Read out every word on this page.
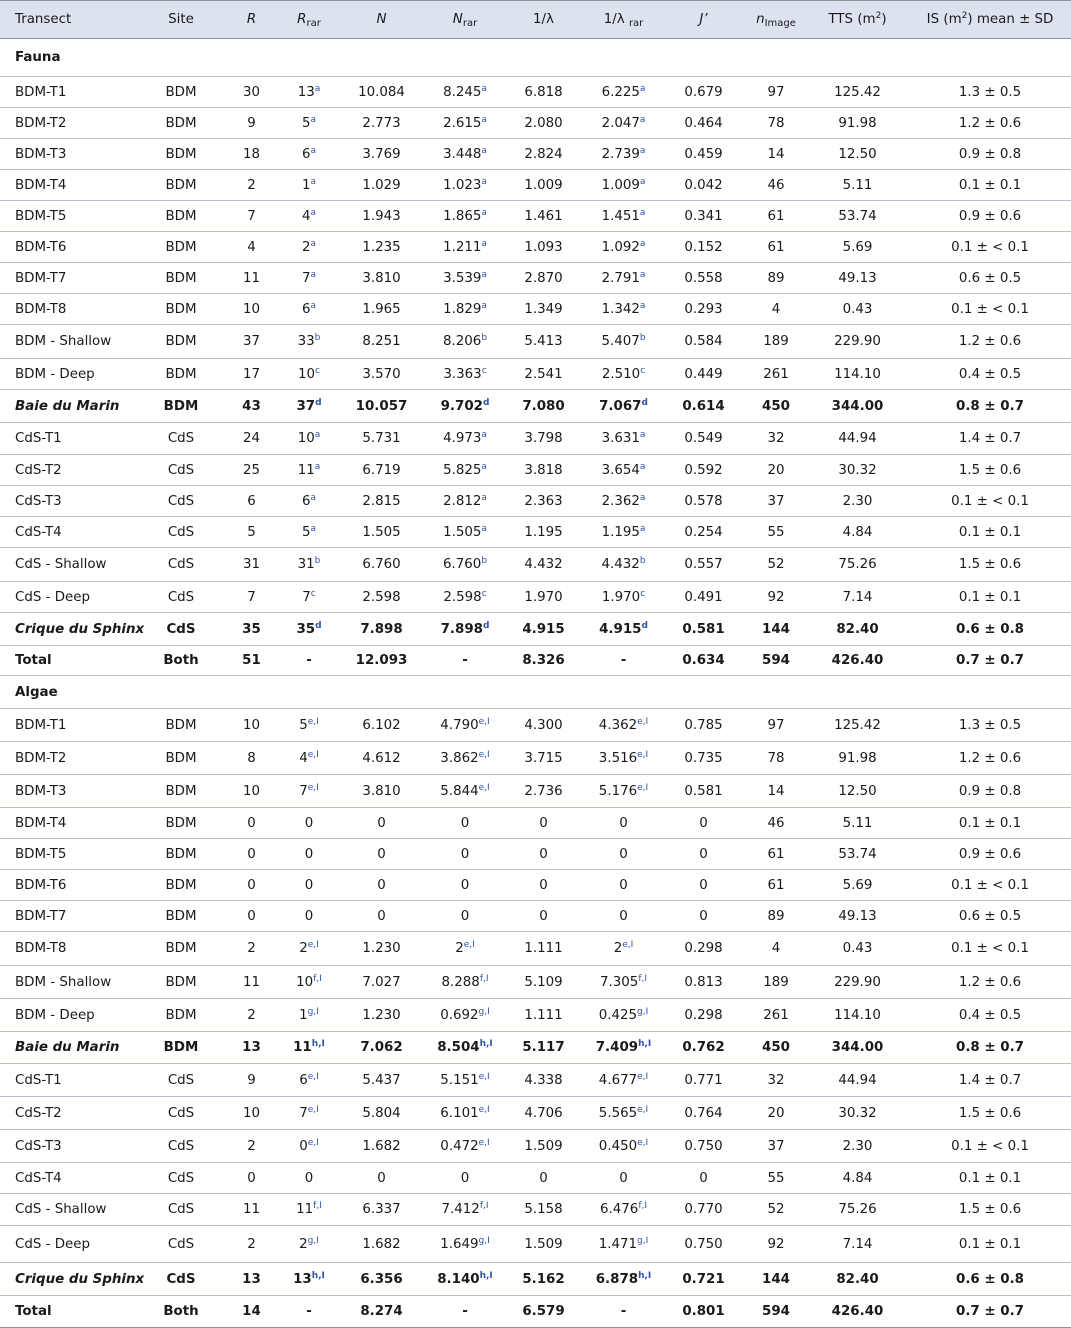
Transect	Site	R	$R_{rar}$	N	$N_{rar}$	1/λ	1/λ $_{rar}$	J’	$n_{Image}$	TTS $(m^2)$	IS $(m^2)$ mean ± SD
Fauna											
BDM-T1	BDM	30	13$^a$	10.084	8.245$^a$	6.818	6.225$^a$	0.679	97	125.42	1.3 ± 0.5
BDM-T2	BDM	9	5$^a$	2.773	2.615$^a$	2.080	2.047$^a$	0.464	78	91.98	1.2 ± 0.6
BDM-T3	BDM	18	6$^a$	3.769	3.448$^a$	2.824	2.739$^a$	0.459	14	12.50	0.9 ± 0.8
BDM-T4	BDM	2	1$^a$	1.029	1.023$^a$	1.009	1.009$^a$	0.042	46	5.11	0.1 ± 0.1
BDM-T5	BDM	7	4$^a$	1.943	1.865$^a$	1.461	1.451$^a$	0.341	61	53.74	0.9 ± 0.6
BDM-T6	BDM	4	2$^a$	1.235	1.211$^a$	1.093	1.092$^a$	0.152	61	5.69	0.1 ± < 0.1
BDM-T7	BDM	11	7$^a$	3.810	3.539$^a$	2.870	2.791$^a$	0.558	89	49.13	0.6 ± 0.5
BDM-T8	BDM	10	6$^a$	1.965	1.829$^a$	1.349	1.342$^a$	0.293	4	0.43	0.1 ± < 0.1
BDM - Shallow	BDM	37	33$^b$	8.251	8.206$^b$	5.413	5.407$^b$	0.584	189	229.90	1.2 ± 0.6
BDM - Deep	BDM	17	10$^c$	3.570	3.363$^c$	2.541	2.510$^c$	0.449	261	114.10	0.4 ± 0.5
Baie du Marin	BDM	43	37$^d$	10.057	9.702$^d$	7.080	7.067$^d$	0.614	450	344.00	0.8 ± 0.7
CdS-T1	CdS	24	10$^a$	5.731	4.973$^a$	3.798	3.631$^a$	0.549	32	44.94	1.4 ± 0.7
CdS-T2	CdS	25	11$^a$	6.719	5.825$^a$	3.818	3.654$^a$	0.592	20	30.32	1.5 ± 0.6
CdS-T3	CdS	6	6$^a$	2.815	2.812$^a$	2.363	2.362$^a$	0.578	37	2.30	0.1 ± < 0.1
CdS-T4	CdS	5	5$^a$	1.505	1.505$^a$	1.195	1.195$^a$	0.254	55	4.84	0.1 ± 0.1
CdS - Shallow	CdS	31	31$^b$	6.760	6.760$^b$	4.432	4.432$^b$	0.557	52	75.26	1.5 ± 0.6
CdS - Deep	CdS	7	7$^c$	2.598	2.598$^c$	1.970	1.970$^c$	0.491	92	7.14	0.1 ± 0.1
Crique du Sphinx	CdS	35	35$^d$	7.898	7.898$^d$	4.915	4.915$^d$	0.581	144	82.40	0.6 ± 0.8
Total	Both	51	-	12.093	-	8.326	-	0.634	594	426.40	0.7 ± 0.7
Algae											
BDM-T1	BDM	10	$5^{e,I}$	6.102	$4.790^{e,I}$	4.300	$4.362^{e,I}$	0.785	97	125.42	1.3 ± 0.5
BDM-T2	BDM	8	$4^{e,I}$	4.612	$3.862^{e,I}$	3.715	$3.516^{e,I}$	0.735	78	91.98	1.2 ± 0.6
BDM-T3	BDM	10	$7^{e,I}$	3.810	$5.844^{e,I}$	2.736	$5.176^{e,I}$	0.581	14	12.50	0.9 ± 0.8
BDM-T4	BDM	0	0	0	0	0	0	0	46	5.11	0.1 ± 0.1
BDM-T5	BDM	0	0	0	0	0	0	0	61	53.74	0.9 ± 0.6
BDM-T6	BDM	0	0	0	0	0	0	0	61	5.69	0.1 ± < 0.1
BDM-T7	BDM	0	0	0	0	0	0	0	89	49.13	0.6 ± 0.5
BDM-T8	BDM	2	$2^{e,I}$	1.230	$2^{e,I}$	1.111	$2^{e,I}$	0.298	4	0.43	0.1 ± < 0.1
BDM - Shallow	BDM	11	$10^{f,I}$	7.027	$8.288^{f,I}$	5.109	$7.305^{f,I}$	0.813	189	229.90	1.2 ± 0.6
BDM - Deep	BDM	2	$1^{g,I}$	1.230	$0.692^{g,I}$	1.111	$0.425^{g,I}$	0.298	261	114.10	0.4 ± 0.5
Baie du Marin	BDM	13	$11^{h,I}$	7.062	$8.504^{h,I}$	5.117	$7.409^{h,I}$	0.762	450	344.00	0.8 ± 0.7
CdS-T1	CdS	9	$6^{e,I}$	5.437	$5.151^{e,I}$	4.338	$4.677^{e,I}$	0.771	32	44.94	1.4 ± 0.7
CdS-T2	CdS	10	$7^{e,I}$	5.804	$6.101^{e,I}$	4.706	$5.565^{e,I}$	0.764	20	30.32	1.5 ± 0.6
CdS-T3	CdS	2	$0^{e,I}$	1.682	$0.472^{e,I}$	1.509	$0.450^{e,I}$	0.750	37	2.30	0.1 ± < 0.1
CdS-T4	CdS	0	0	0	0	0	0	0	55	4.84	0.1 ± 0.1
CdS - Shallow	CdS	11	$11^{f,I}$	6.337	$7.412^{f,I}$	5.158	$6.476^{f,I}$	0.770	52	75.26	1.5 ± 0.6
CdS - Deep	CdS	2	$2^{g,I}$	1.682	$1.649^{g,I}$	1.509	$1.471^{g,I}$	0.750	92	7.14	0.1 ± 0.1
Crique du Sphinx	CdS	13	$13^{h,I}$	6.356	$8.140^{h,I}$	5.162	$6.878^{h,I}$	0.721	144	82.40	0.6 ± 0.8
Total	Both	14	-	8.274	-	6.579	-	0.801	594	426.40	0.7 ± 0.7
